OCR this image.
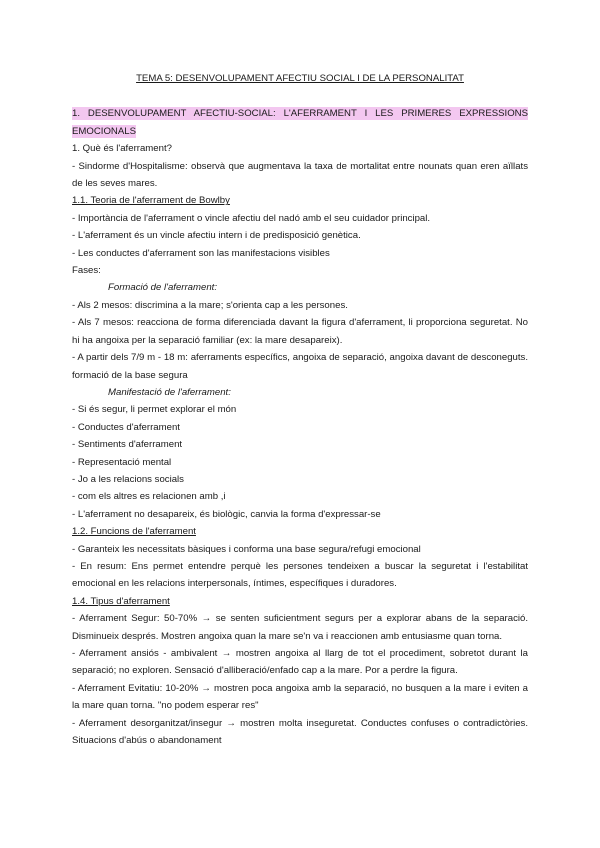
TEMA 5: DESENVOLUPAMENT AFECTIU SOCIAL I DE LA PERSONALITAT

1. DESENVOLUPAMENT AFECTIU-SOCIAL: L'AFERRAMENT I LES PRIMERES EXPRESSIONS EMOCIONALS

1. Què és l'aferrament?

- Sindorme d'Hospitalisme: observà que augmentava la taxa de mortalitat entre nounats quan eren aïllats de les seves mares.

1.1. Teoria de l'aferrament de Bowlby

- Importància de l'aferrament o vincle afectiu del nadó amb el seu cuidador principal.

- L'aferrament és un vincle afectiu intern i de predisposició genètica.

- Les conductes d'aferrament son las manifestacions visibles

Fases:

Formació de l'aferrament:

- Als 2 mesos: discrimina a la mare; s'orienta cap a les persones.

- Als 7 mesos: reacciona de forma diferenciada davant la figura d'aferrament, li proporciona seguretat. No hi ha angoixa per la separació familiar (ex: la mare desapareix).

- A partir dels 7/9 m - 18 m: aferraments específics, angoixa de separació, angoixa davant de desconeguts. formació de la base segura

Manifestació de l'aferrament:

- Si és segur, li permet explorar el món

- Conductes d'aferrament

- Sentiments d'aferrament

- Representació mental

- Jo a les relacions socials

- com els altres es relacionen amb ,i

- L'aferrament no desapareix, és biològic, canvia la forma d'expressar-se

1.2. Funcions de l'aferrament

- Garanteix les necessitats bàsiques i conforma una base segura/refugi emocional

- En resum: Ens permet entendre perquè les persones tendeixen a buscar la seguretat i l'estabilitat emocional en les relacions interpersonals, íntimes, específiques i duradores.

1.4. Tipus d'aferrament

- Aferrament Segur: 50-70% → se senten suficientment segurs per a explorar abans de la separació. Disminueix després. Mostren angoixa quan la mare se'n va i reaccionen amb entusiasme quan torna.

- Aferrament ansiós - ambivalent → mostren angoixa al llarg de tot el procediment, sobretot durant la separació; no exploren. Sensació d'alliberació/enfado cap a la mare. Por a perdre la figura.

- Aferrament Evitatiu: 10-20% → mostren poca angoixa amb la separació, no busquen a la mare i eviten a la mare quan torna. "no podem esperar res"

- Aferrament desorganitzat/insegur → mostren molta inseguretat. Conductes confuses o contradictòries. Situacions d'abús o abandonament
